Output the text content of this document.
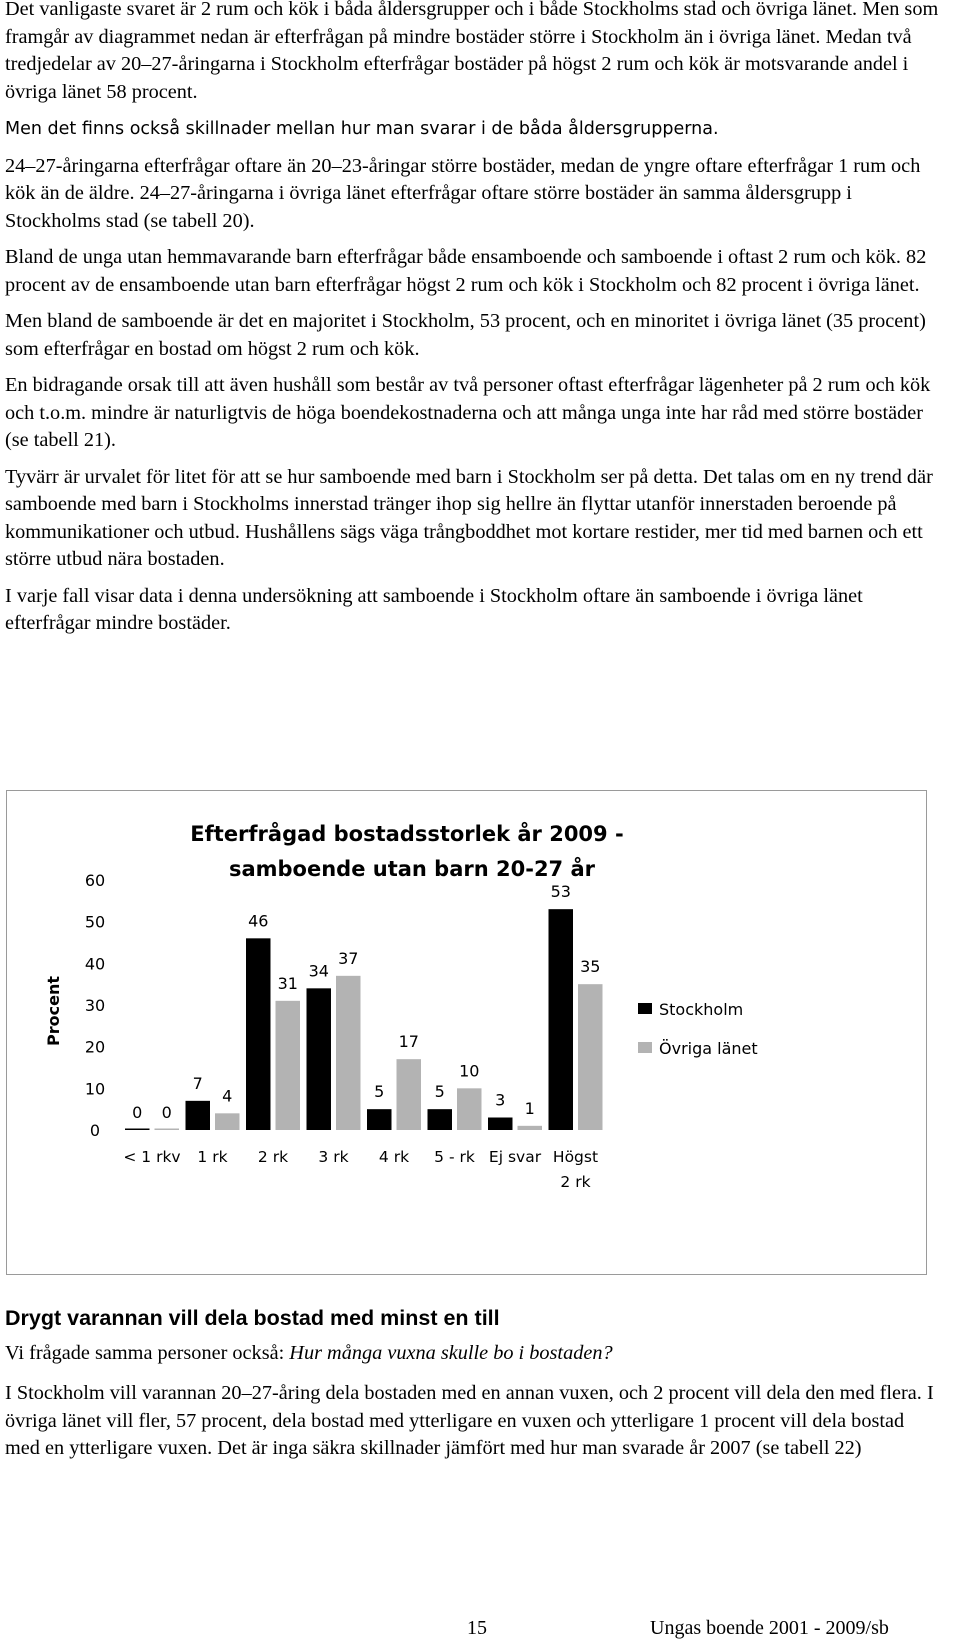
Det vanligaste svaret är 2 rum och kök i båda åldersgrupper och i både Stockholms stad och övriga länet. Men som framgår av diagrammet nedan är efterfrågan på mindre bostäder större i Stockholm än i övriga länet. Medan två tredjedelar av 20–27-åringarna i Stockholm efterfrågar bostäder på högst 2 rum och kök är motsvarande andel i övriga länet 58 procent.

Men det finns också skillnader mellan hur man svarar i de båda åldersgrupperna.

24–27-åringarna efterfrågar oftare än 20–23-åringar större bostäder, medan de yngre oftare efterfrågar 1 rum och kök än de äldre. 24–27-åringarna i övriga länet efterfrågar oftare större bostäder än samma åldersgrupp i Stockholms stad (se tabell 20).

Bland de unga utan hemmavarande barn efterfrågar både ensamboende och samboende i oftast 2 rum och kök. 82 procent av de ensamboende utan barn efterfrågar högst 2 rum och kök i Stockholm och 82 procent i övriga länet.

Men bland de samboende är det en majoritet i Stockholm, 53 procent, och en minoritet i övriga länet (35 procent) som efterfrågar en bostad om högst 2 rum och kök.

En bidragande orsak till att även hushåll som består av två personer oftast efterfrågar lägenheter på 2 rum och kök och t.o.m. mindre är naturligtvis de höga boendekostnaderna och att många unga inte har råd med större bostäder (se tabell 21).

Tyvärr är urvalet för litet för att se hur samboende med barn i Stockholm ser på detta. Det talas om en ny trend där samboende med barn i Stockholms innerstad tränger ihop sig hellre än flyttar utanför innerstaden beroende på kommunikationer och utbud. Hushållens sägs väga trångboddhet mot kortare restider, mer tid med barnen och ett större utbud nära bostaden.

I varje fall visar data i denna undersökning att samboende i Stockholm oftare än samboende i övriga länet efterfrågar mindre bostäder.

Efterfrågad bostadsstorlek år 2009 -
samboende utan barn 20-27 år
Procent
0
10
20
30
40
50
60
0 0
< 1 rkv
7
4
1 rk
46
31
2 rk
34
37
3 rk
5
17
4 rk
5
10
5 - rk
3 1
Ej svar
53
35
Högst
2 rk
Stockholm
Övriga länet
Drygt varannan vill dela bostad med minst en till

Vi frågade samma personer också: Hur många vuxna skulle bo i bostaden?

I Stockholm vill varannan 20–27-åring dela bostaden med en annan vuxen, och 2 procent vill dela den med flera. I övriga länet vill fler, 57 procent, dela bostad med ytterligare en vuxen och ytterligare 1 procent vill dela bostad med en ytterligare vuxen. Det är inga säkra skillnader jämfört med hur man svarade år 2007 (se tabell 22)

15	Ungas boende 2001 - 2009/sb
